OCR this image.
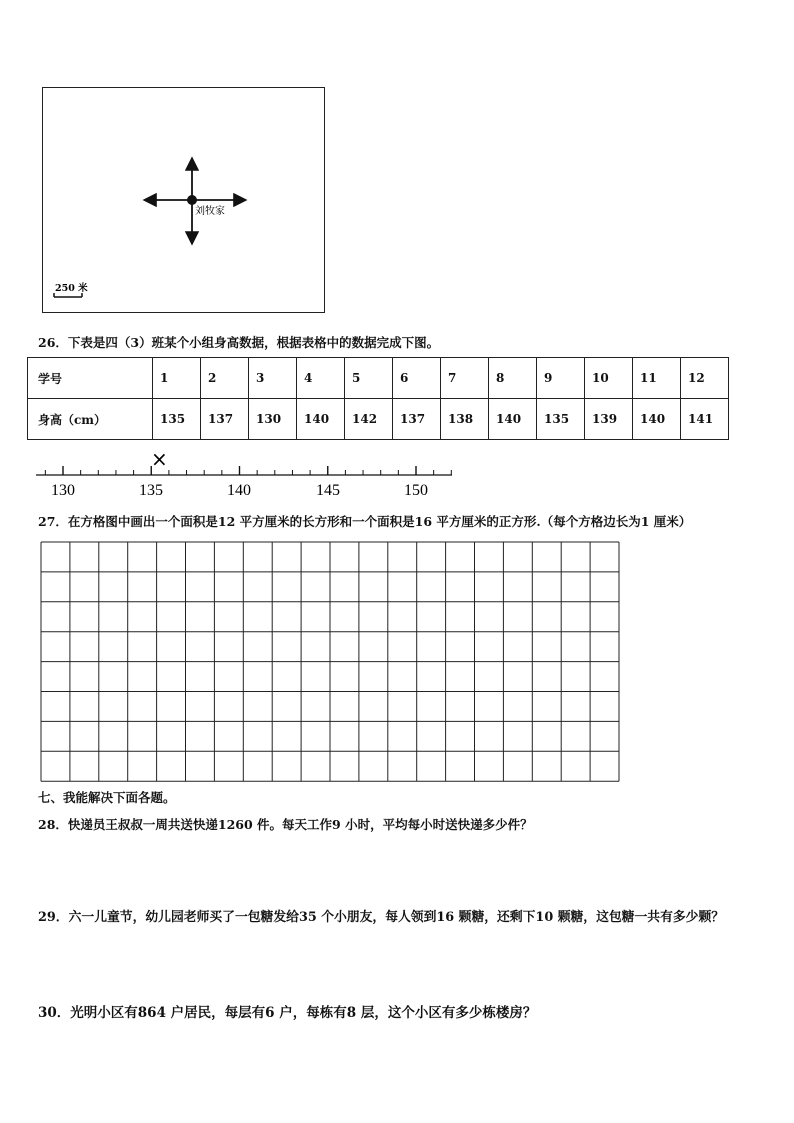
刘牧家
250 米
26．下表是四（3）班某个小组身高数据，根据表格中的数据完成下图。
学号	1	2	3	4	5	6	7	8	9	10	11	12
身高（cm）	135	137	130	140	142	137	138	140	135	139	140	141
×
130	135	140	145	150
27．在方格图中画出一个面积是12 平方厘米的长方形和一个面积是16 平方厘米的正方形.（每个方格边长为1 厘米）
七、我能解决下面各题。
28．快递员王叔叔一周共送快递1260 件。每天工作9 小时，平均每小时送快递多少件？
29．六一儿童节，幼儿园老师买了一包糖发给35 个小朋友，每人领到16 颗糖，还剩下10 颗糖，这包糖一共有多少颗？
30．光明小区有864 户居民，每层有6 户，每栋有8 层，这个小区有多少栋楼房？
